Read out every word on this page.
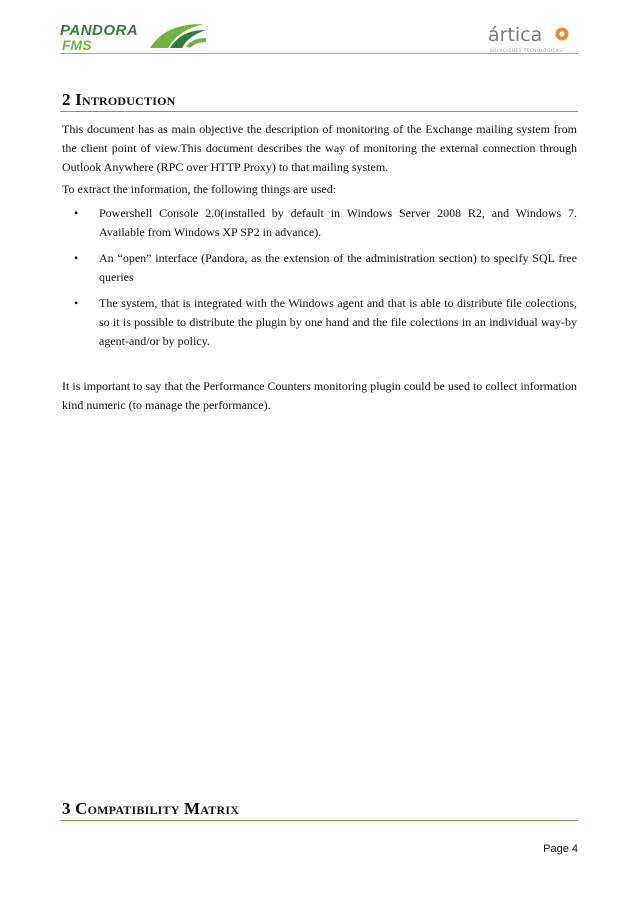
PANDORA
FMS	ártica
SOLUCIONES TECNOLÓGICAS
2 Introduction

This document has as main objective the description of monitoring of the Exchange mailing system from the client point of view.This document describes the way of monitoring the external connection through Outlook Anywhere (RPC over HTTP Proxy) to that mailing system.

To extract the information, the following things are used:

• Powershell Console 2.0(installed by default in Windows Server 2008 R2, and Windows 7. Available from Windows XP SP2 in advance).
• An “open” interface (Pandora, as the extension of the administration section) to specify SQL free queries
• The system, that is integrated with the Windows agent and that is able to distribute file colections, so it is possible to distribute the plugin by one hand and the file colections in an individual way-by agent-and/or by policy.

It is important to say that the Performance Counters monitoring plugin could be used to collect information kind numeric (to manage the performance).

3 Compatibility Matrix
Page 4
